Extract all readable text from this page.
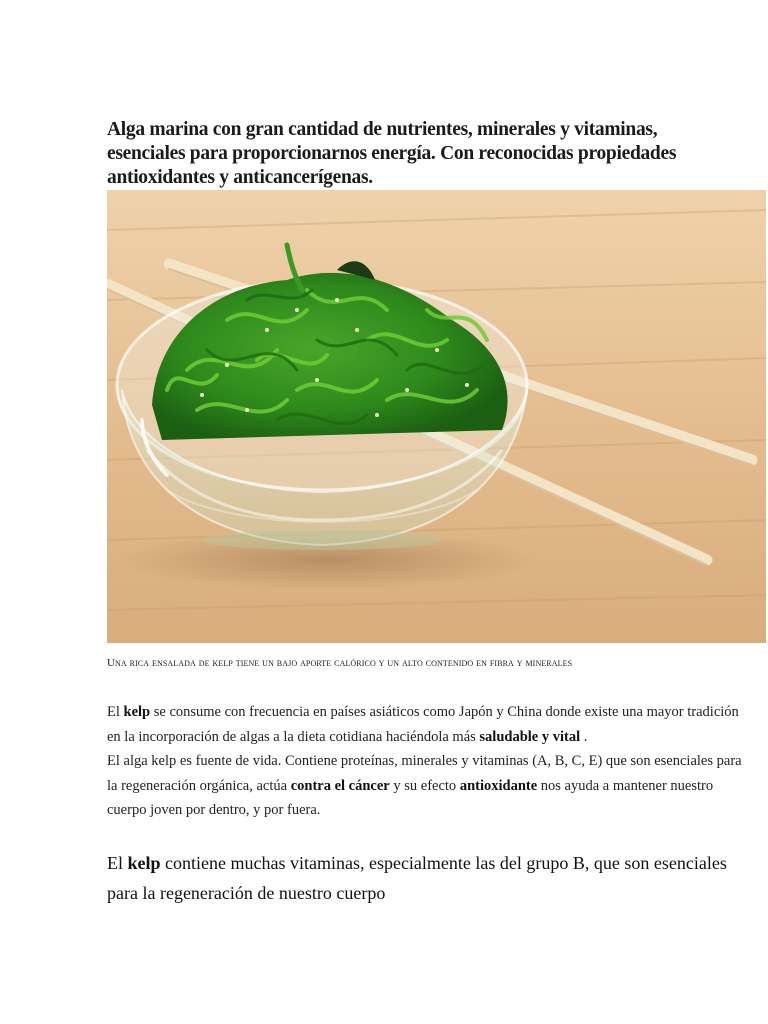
Alga marina con gran cantidad de nutrientes, minerales y vitaminas, esenciales para proporcionarnos energía. Con reconocidas propiedades antioxidantes y anticancerígenas.

Una rica ensalada de kelp tiene un bajo aporte calórico y un alto contenido en fibra y minerales

El kelp se consume con frecuencia en países asiáticos como Japón y China donde existe una mayor tradición en la incorporación de algas a la dieta cotidiana haciéndola más saludable y vital .

El alga kelp es fuente de vida. Contiene proteínas, minerales y vitaminas (A, B, C, E) que son esenciales para la regeneración orgánica, actúa contra el cáncer y su efecto antioxidante nos ayuda a mantener nuestro cuerpo joven por dentro, y por fuera.

El kelp contiene muchas vitaminas, especialmente las del grupo B, que son esenciales para la regeneración de nuestro cuerpo
